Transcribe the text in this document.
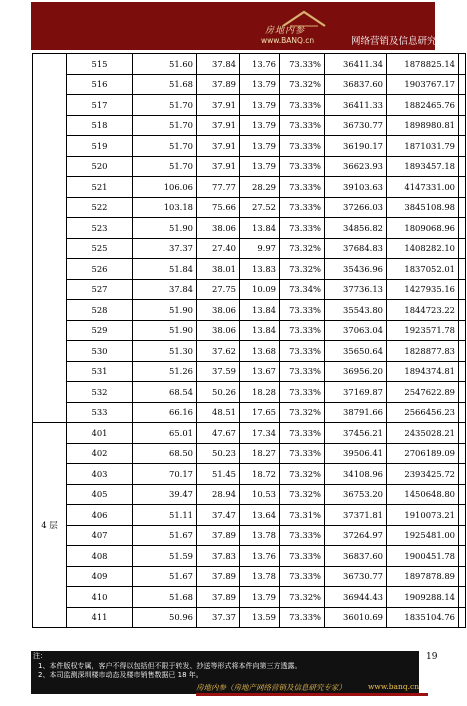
房地内参
www.BANQ.cn	网络营销及信息研究专家
	515	51.60	37.84	13.76	73.33%	36411.34	1878825.14	
	516	51.68	37.89	13.79	73.32%	36837.60	1903767.17	
	517	51.70	37.91	13.79	73.33%	36411.33	1882465.76	
	518	51.70	37.91	13.79	73.33%	36730.77	1898980.81	
	519	51.70	37.91	13.79	73.33%	36190.17	1871031.79	
	520	51.70	37.91	13.79	73.33%	36623.93	1893457.18	
	521	106.06	77.77	28.29	73.33%	39103.63	4147331.00	
	522	103.18	75.66	27.52	73.33%	37266.03	3845108.98	
	523	51.90	38.06	13.84	73.33%	34856.82	1809068.96	
	525	37.37	27.40	9.97	73.32%	37684.83	1408282.10	
	526	51.84	38.01	13.83	73.32%	35436.96	1837052.01	
	527	37.84	27.75	10.09	73.34%	37736.13	1427935.16	
	528	51.90	38.06	13.84	73.33%	35543.80	1844723.22	
	529	51.90	38.06	13.84	73.33%	37063.04	1923571.78	
	530	51.30	37.62	13.68	73.33%	35650.64	1828877.83	
	531	51.26	37.59	13.67	73.33%	36956.20	1894374.81	
	532	68.54	50.26	18.28	73.33%	37169.87	2547622.89	
	533	66.16	48.51	17.65	73.32%	38791.66	2566456.23	
4 层	401	65.01	47.67	17.34	73.33%	37456.21	2435028.21	
	402	68.50	50.23	18.27	73.33%	39506.41	2706189.09	
	403	70.17	51.45	18.72	73.32%	34108.96	2393425.72	
	405	39.47	28.94	10.53	73.32%	36753.20	1450648.80	
	406	51.11	37.47	13.64	73.31%	37371.81	1910073.21	
	407	51.67	37.89	13.78	73.33%	37264.97	1925481.00	
	408	51.59	37.83	13.76	73.33%	36837.60	1900451.78	
	409	51.67	37.89	13.78	73.33%	36730.77	1897878.89	
	410	51.68	37.89	13.79	73.32%	36944.43	1909288.14	
	411	50.96	37.37	13.59	73.33%	36010.69	1835104.76	
注：
1、本件版权专属，客户不得以包括但不限于转发、抄送等形式将本件向第三方透露。
2、本司监测深圳楼市动态及楼市销售数据已 18 年。
19
房地内参（房地产网络营销及信息研究专家）	www.banq.cn
